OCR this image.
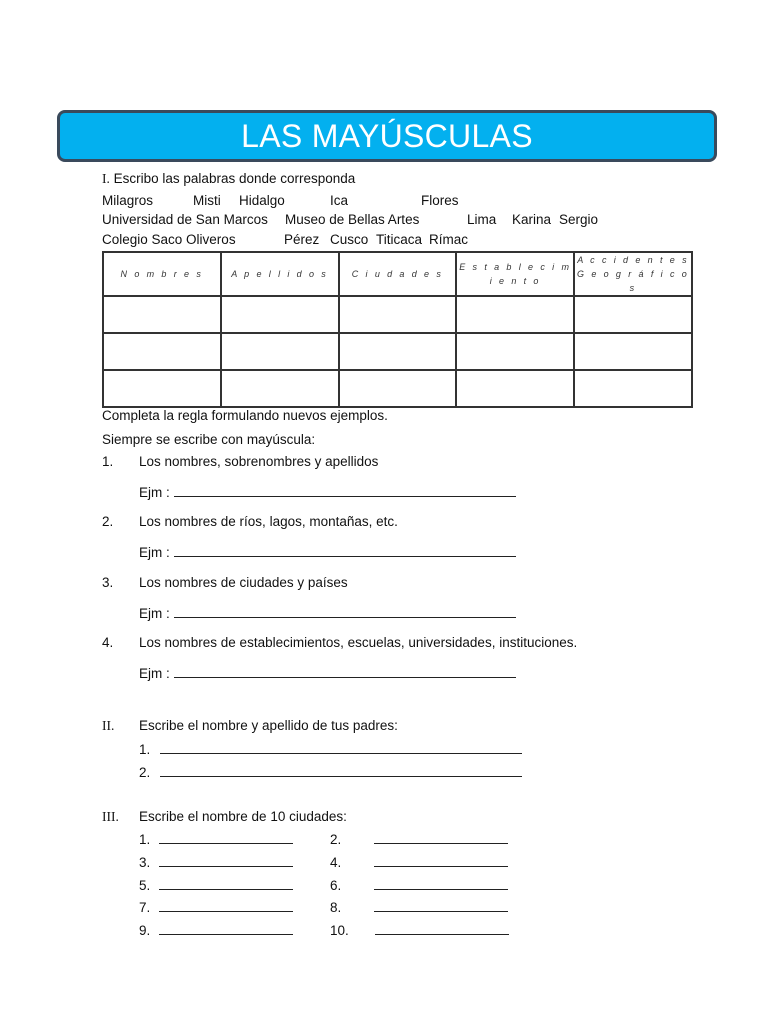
LAS MAYÚSCULAS
I. Escribo las palabras donde corresponda
Milagros	Misti Hidalgo	Ica	Flores
Universidad de San Marcos Museo de Bellas Artes	Lima Karina Sergio
Colegio Saco Oliveros	Pérez Cusco Titicaca Rímac
N o m b r e s	A p e l l i d o s	C i u d a d e s	E s t a b l e c i m i e n t o	A c c i d e n t e s
G e o g r á f i c o s

Completa la regla formulando nuevos ejemplos.
Siempre se escribe con mayúscula:
1. Los nombres, sobrenombres y apellidos
Ejm :
2. Los nombres de ríos, lagos, montañas, etc.
Ejm :
3. Los nombres de ciudades y países
Ejm :
4. Los nombres de establecimientos, escuelas, universidades, instituciones.
Ejm :
II. Escribe el nombre y apellido de tus padres:
1.
2.
III. Escribe el nombre de 10 ciudades:
1.	2.
3.	4.
5.	6.
7.	8.
9.	10.
